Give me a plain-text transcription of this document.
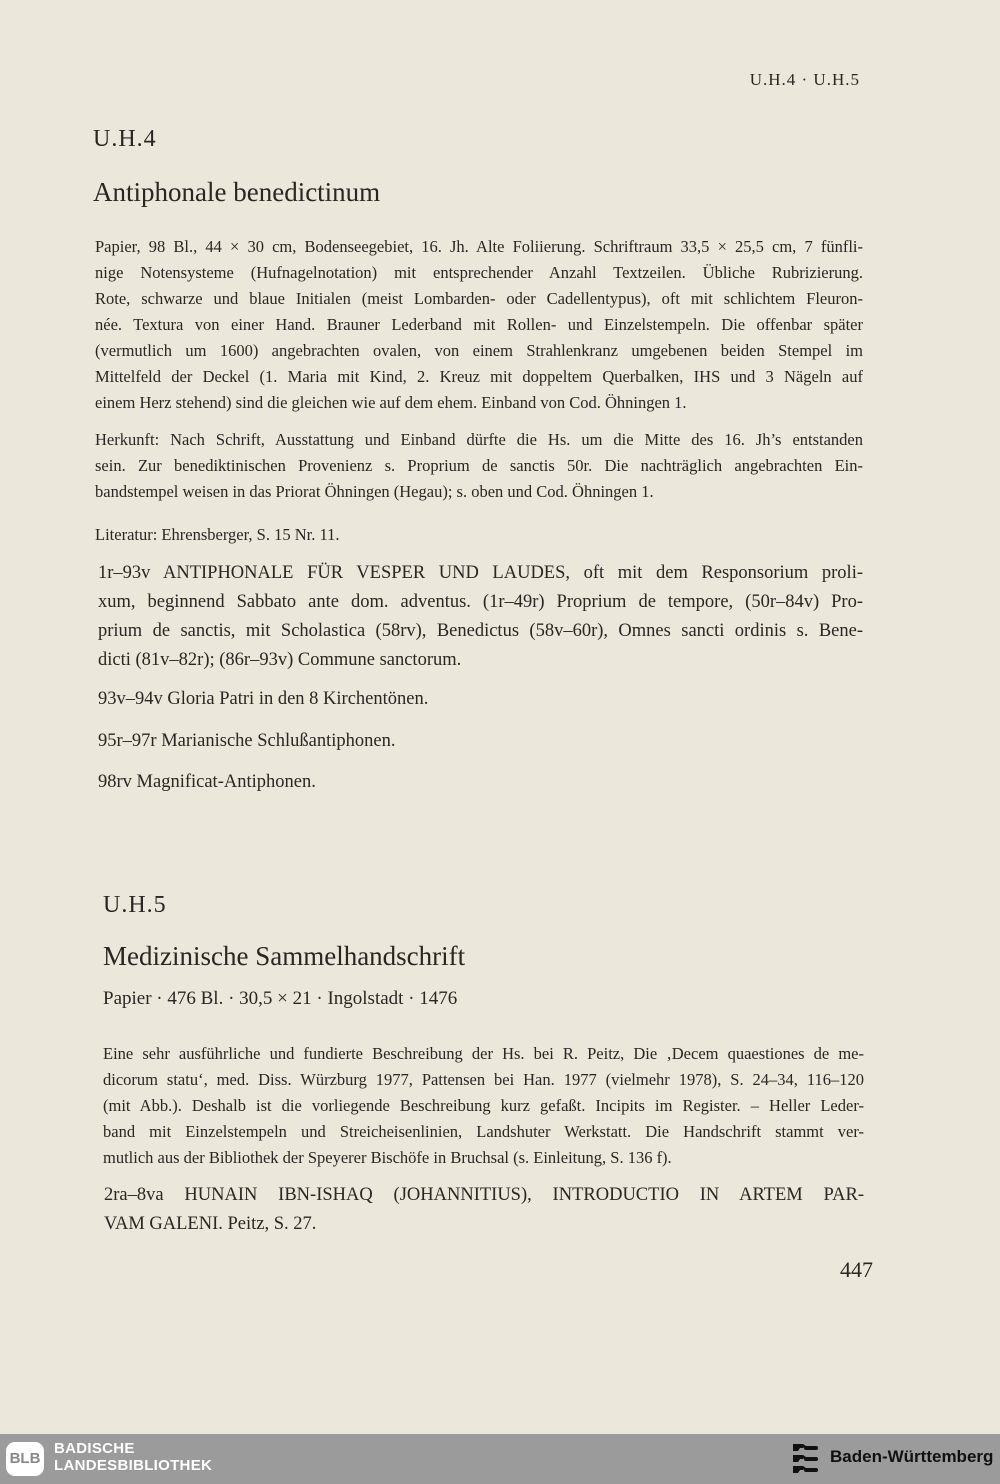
U.H.4 · U.H.5
U.H.4
Antiphonale benedictinum
Papier, 98 Bl., 44 × 30 cm, Bodenseegebiet, 16. Jh. Alte Foliierung. Schriftraum 33,5 × 25,5 cm, 7 fünfli-
nige Notensysteme (Hufnagelnotation) mit entsprechender Anzahl Textzeilen. Übliche Rubrizierung.
Rote, schwarze und blaue Initialen (meist Lombarden- oder Cadellentypus), oft mit schlichtem Fleuron-
née. Textura von einer Hand. Brauner Lederband mit Rollen- und Einzelstempeln. Die offenbar später
(vermutlich um 1600) angebrachten ovalen, von einem Strahlenkranz umgebenen beiden Stempel im
Mittelfeld der Deckel (1. Maria mit Kind, 2. Kreuz mit doppeltem Querbalken, IHS und 3 Nägeln auf
einem Herz stehend) sind die gleichen wie auf dem ehem. Einband von Cod. Öhningen 1.
Herkunft: Nach Schrift, Ausstattung und Einband dürfte die Hs. um die Mitte des 16. Jh’s entstanden
sein. Zur benediktinischen Provenienz s. Proprium de sanctis 50r. Die nachträglich angebrachten Ein-
bandstempel weisen in das Priorat Öhningen (Hegau); s. oben und Cod. Öhningen 1.
Literatur: Ehrensberger, S. 15 Nr. 11.
1r–93v ANTIPHONALE FÜR VESPER UND LAUDES, oft mit dem Responsorium proli-
xum, beginnend Sabbato ante dom. adventus. (1r–49r) Proprium de tempore, (50r–84v) Pro-
prium de sanctis, mit Scholastica (58rv), Benedictus (58v–60r), Omnes sancti ordinis s. Bene-
dicti (81v–82r); (86r–93v) Commune sanctorum.
93v–94v Gloria Patri in den 8 Kirchentönen.
95r–97r Marianische Schlußantiphonen.
98rv Magnificat-Antiphonen.
U.H.5
Medizinische Sammelhandschrift
Papier · 476 Bl. · 30,5 × 21 · Ingolstadt · 1476
Eine sehr ausführliche und fundierte Beschreibung der Hs. bei R. Peitz, Die ‚Decem quaestiones de me-
dicorum statu‘, med. Diss. Würzburg 1977, Pattensen bei Han. 1977 (vielmehr 1978), S. 24–34, 116–120
(mit Abb.). Deshalb ist die vorliegende Beschreibung kurz gefaßt. Incipits im Register. – Heller Leder-
band mit Einzelstempeln und Streicheisenlinien, Landshuter Werkstatt. Die Handschrift stammt ver-
mutlich aus der Bibliothek der Speyerer Bischöfe in Bruchsal (s. Einleitung, S. 136 f).
2ra–8va HUNAIN IBN-ISHAQ (JOHANNITIUS), INTRODUCTIO IN ARTEM PAR-
VAM GALENI. Peitz, S. 27.
447
BLB
BADISCHE
LANDESBIBLIOTHEK	Baden-Württemberg
